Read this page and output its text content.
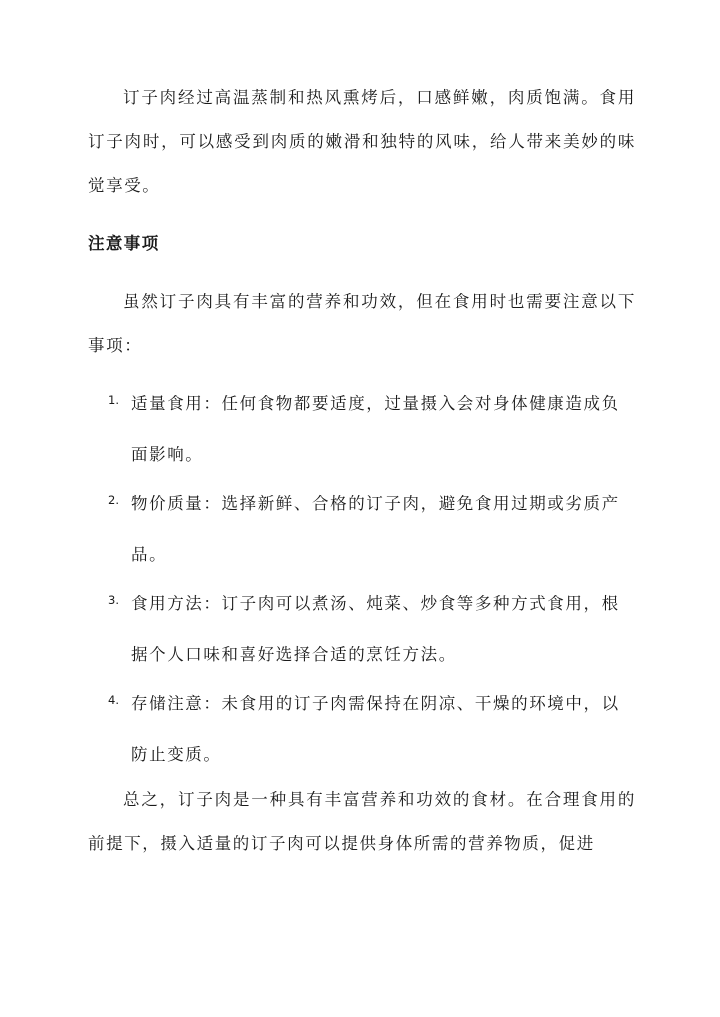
订子肉经过高温蒸制和热风熏烤后，口感鲜嫩，肉质饱满。食用订子肉时，可以感受到肉质的嫩滑和独特的风味，给人带来美妙的味觉享受。

注意事项

虽然订子肉具有丰富的营养和功效，但在食用时也需要注意以下事项：

1. 适量食用：任何食物都要适度，过量摄入会对身体健康造成负面影响。

2. 物价质量：选择新鲜、合格的订子肉，避免食用过期或劣质产品。

3. 食用方法：订子肉可以煮汤、炖菜、炒食等多种方式食用，根据个人口味和喜好选择合适的烹饪方法。

4. 存储注意：未食用的订子肉需保持在阴凉、干燥的环境中，以防止变质。

总之，订子肉是一种具有丰富营养和功效的食材。在合理食用的前提下，摄入适量的订子肉可以提供身体所需的营养物质，促进
